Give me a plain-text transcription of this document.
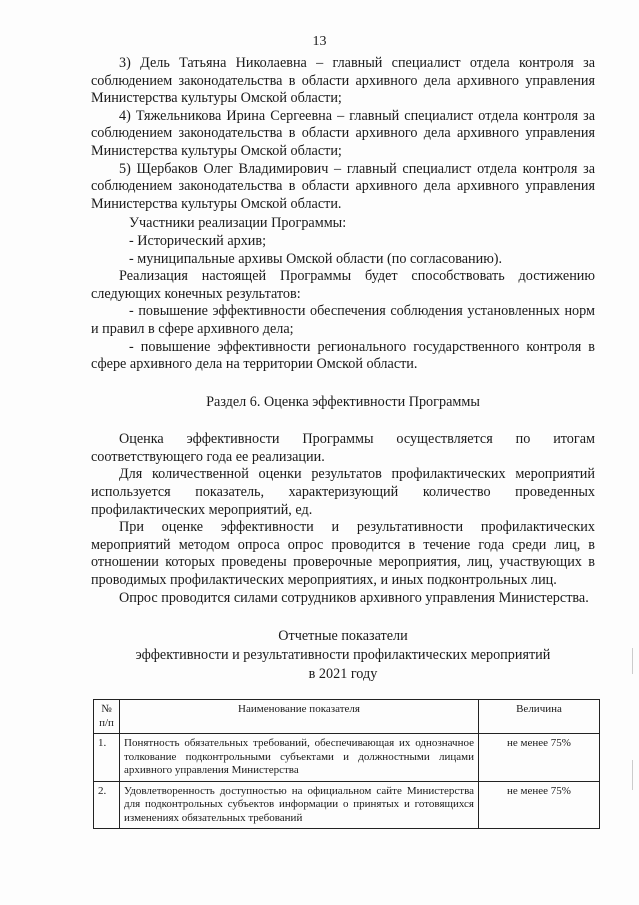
13

3) Дель Татьяна Николаевна – главный специалист отдела контроля за соблюдением законодательства в области архивного дела архивного управления Министерства культуры Омской области;

4) Тяжельникова Ирина Сергеевна – главный специалист отдела контроля за соблюдением законодательства в области архивного дела архивного управления Министерства культуры Омской области;

5) Щербаков Олег Владимирович – главный специалист отдела контроля за соблюдением законодательства в области архивного дела архивного управления Министерства культуры Омской области.

Участники реализации Программы:

- Исторический архив;

- муниципальные архивы Омской области (по согласованию).

Реализация настоящей Программы будет способствовать достижению следующих конечных результатов:

- повышение эффективности обеспечения соблюдения установленных норм и правил в сфере архивного дела;

- повышение эффективности регионального государственного контроля в сфере архивного дела на территории Омской области.

Раздел 6. Оценка эффективности Программы

Оценка эффективности Программы осуществляется по итогам соответствующего года ее реализации.

Для количественной оценки результатов профилактических мероприятий используется показатель, характеризующий количество проведенных профилактических мероприятий, ед.

При оценке эффективности и результативности профилактических мероприятий методом опроса опрос проводится в течение года среди лиц, в отношении которых проведены проверочные мероприятия, лиц, участвующих в проводимых профилактических мероприятиях, и иных подконтрольных лиц.

Опрос проводится силами сотрудников архивного управления Министерства.

Отчетные показатели

эффективности и результативности профилактических мероприятий

в 2021 году

№ п/п	Наименование показателя	Величина
1.	Понятность обязательных требований, обеспечивающая их однозначное толкование подконтрольными субъектами и должностными лицами архивного управления Министерства	не менее 75%
2.	Удовлетворенность доступностью на официальном сайте Министерства для подконтрольных субъектов информации о принятых и готовящихся изменениях обязательных требований	не менее 75%
